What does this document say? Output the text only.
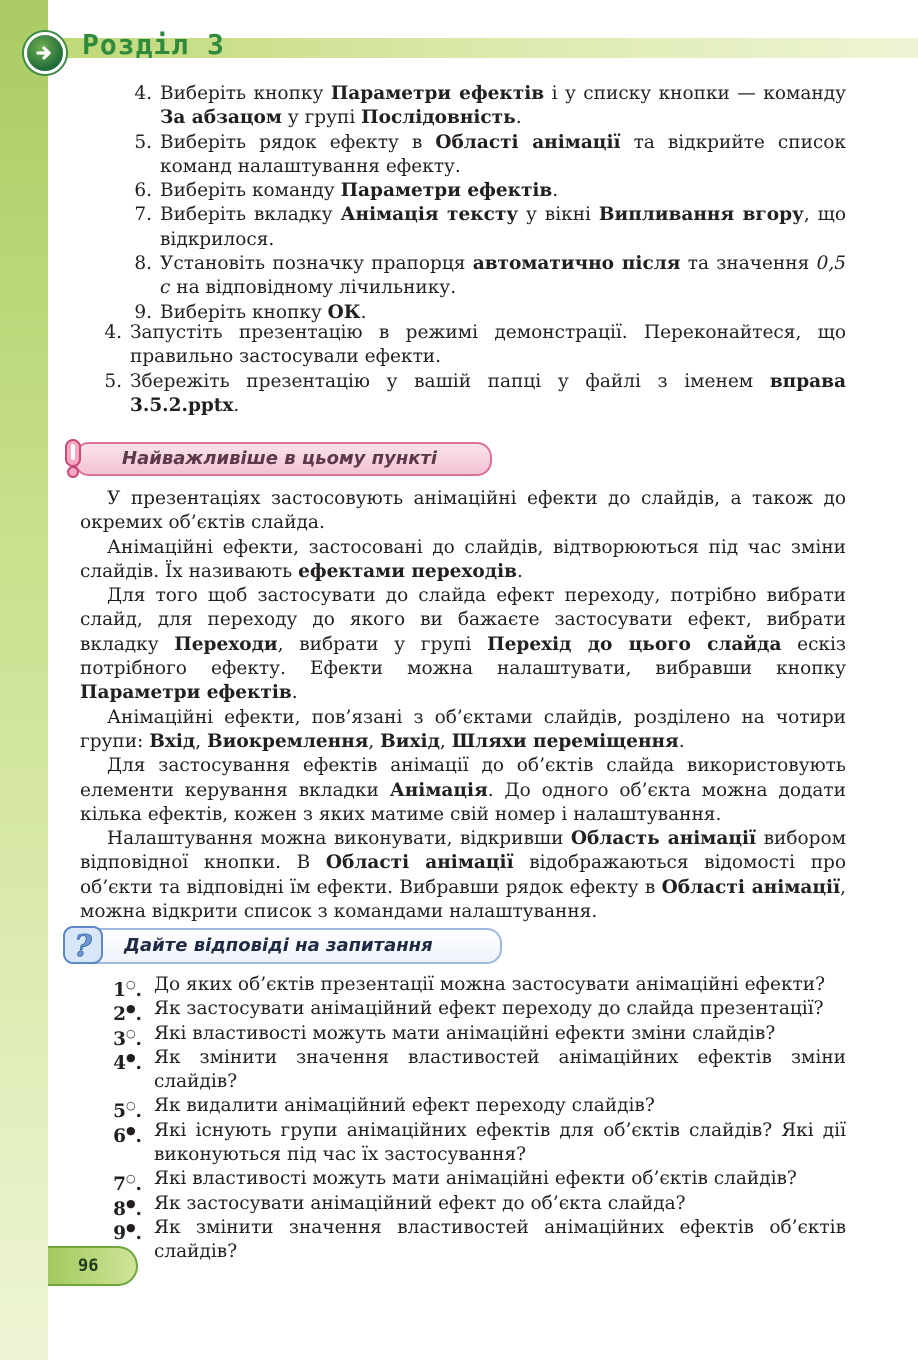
Розділ 3
4. Виберіть кнопку Параметри ефектів і у списку кнопки — команду За абзацом у групі Послідовність.
5. Виберіть рядок ефекту в Області анімації та відкрийте список команд налаштування ефекту.
6. Виберіть команду Параметри ефектів.
7. Виберіть вкладку Анімація тексту у вікні Випливання вгору, що відкрилося.
8. Установіть позначку прапорця автоматично після та значення 0,5 с на відповідному лічильнику.
9. Виберіть кнопку ОК.
4. Запустіть презентацію в режимі демонстрації. Переконайтеся, що правильно застосували ефекти.
5. Збережіть презентацію у вашій папці у файлі з іменем вправа 3.5.2.pptx.
Найважливіше в цьому пункті

У презентаціях застосовують анімаційні ефекти до слайдів, а також до окремих об’єктів слайда.

Анімаційні ефекти, застосовані до слайдів, відтворюються під час зміни слайдів. Їх називають ефектами переходів.

Для того щоб застосувати до слайда ефект переходу, потрібно вибрати слайд, для переходу до якого ви бажаєте застосувати ефект, вибрати вкладку Переходи, вибрати у групі Перехід до цього слайда ескіз потрібного ефекту. Ефекти можна налаштувати, вибравши кнопку Параметри ефектів.

Анімаційні ефекти, пов’язані з об’єктами слайдів, розділено на чотири групи: Вхід, Виокремлення, Вихід, Шляхи переміщення.

Для застосування ефектів анімації до об’єктів слайда використовують елементи керування вкладки Анімація. До одного об’єкта можна додати кілька ефектів, кожен з яких матиме свій номер і налаштування.

Налаштування можна виконувати, відкривши Область анімації вибором відповідної кнопки. В Області анімації відображаються відомості про об’єкти та відповідні їм ефекти. Вибравши рядок ефекту в Області анімації, можна відкрити список з командами налаштування.

Дайте відповіді на запитання
?
1○. До яких об’єктів презентації можна застосувати анімаційні ефекти?
2●. Як застосувати анімаційний ефект переходу до слайда презентації?
3○. Які властивості можуть мати анімаційні ефекти зміни слайдів?
4●. Як змінити значення властивостей анімаційних ефектів зміни слайдів?
5○. Як видалити анімаційний ефект переходу слайдів?
6●. Які існують групи анімаційних ефектів для об’єктів слайдів? Які дії виконуються під час їх застосування?
7○. Які властивості можуть мати анімаційні ефекти об’єктів слайдів?
8●. Як застосувати анімаційний ефект до об’єкта слайда?
9●. Як змінити значення властивостей анімаційних ефектів об’єктів слайдів?
96
